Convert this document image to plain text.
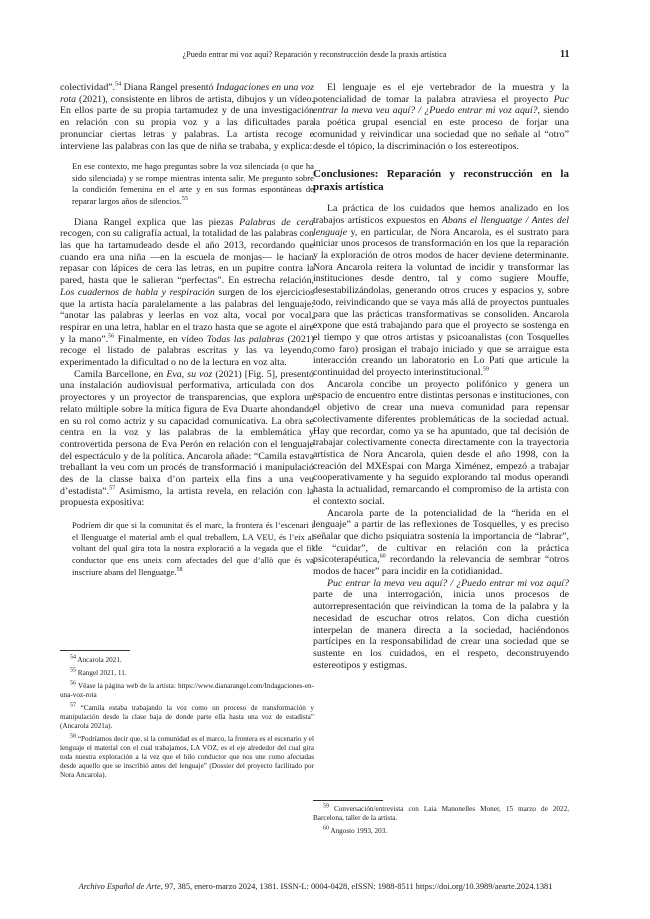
¿Puedo entrar mi voz aquí? Reparación y reconstrucción desde la praxis artística	11

colectividad”.$^{54}$ Diana Rangel presentó Indagaciones en una voz rota (2021), consistente en libros de artista, dibujos y un vídeo. En ellos parte de su propia tartamudez y de una investigación en relación con su propia voz y a las dificultades para pronunciar ciertas letras y palabras. La artista recoge e interviene las palabras con las que de niña se trababa, y explica:

En ese contexto, me hago preguntas sobre la voz silenciada (o que ha sido silenciada) y se rompe mientras intenta salir. Me pregunto sobre la condición femenina en el arte y en sus formas espontáneas de reparar largos años de silencios.$^{55}$

Diana Rangel explica que las piezas Palabras de cera recogen, con su caligrafía actual, la totalidad de las palabras con las que ha tartamudeado desde el año 2013, recordando que cuando era una niña —en la escuela de monjas— le hacían repasar con lápices de cera las letras, en un pupitre contra la pared, hasta que le salieran “perfectas”. En estrecha relación, Los cuadernos de habla y respiración surgen de los ejercicios que la artista hacía paralelamente a las palabras del lenguaje: “anotar las palabras y leerlas en voz alta, vocal por vocal, respirar en una letra, hablar en el trazo hasta que se agote el aire y la mano”.$^{56}$ Finalmente, en vídeo Todas las palabras (2021) recoge el listado de palabras escritas y las va leyendo, experimentado la dificultad o no de la lectura en voz alta.

Camila Barcellone, en Eva, su voz (2021) [Fig. 5], presentó una instalación audiovisual performativa, articulada con dos proyectores y un proyector de transparencias, que explora un relato múltiple sobre la mítica figura de Eva Duarte ahondando en su rol como actriz y su capacidad comunicativa. La obra se centra en la voz y las palabras de la emblemática y controvertida persona de Eva Perón en relación con el lenguaje del espectáculo y de la política. Ancarola añade: “Camila estava treballant la veu com un procés de transformació i manipulació des de la classe baixa d’on parteix ella fins a una veu d’estadista”.$^{57}$ Asimismo, la artista revela, en relación con la propuesta expositiva:

Podríem dir que si la comunitat és el marc, la frontera és l’escenari i el llenguatge el material amb el qual treballem, LA VEU, és l’eix al voltant del qual gira tota la nostra exploració a la vegada que el fil conductor que ens uneix com afectades del que d’allò que és va inscriure abans del llenguatge.$^{58}$

El lenguaje es el eje vertebrador de la muestra y la potencialidad de tomar la palabra atraviesa el proyecto Puc entrar la meva veu aquí? / ¿Puedo entrar mi voz aquí?, siendo la poética grupal esencial en este proceso de forjar una comunidad y reivindicar una sociedad que no señale al “otro” desde el tópico, la discriminación o los estereotipos.

Conclusiones: Reparación y reconstrucción en la praxis artística

La práctica de los cuidados que hemos analizado en los trabajos artísticos expuestos en Abans el llenguatge / Antes del lenguaje y, en particular, de Nora Ancarola, es el sustrato para iniciar unos procesos de transformación en los que la reparación y la exploración de otros modos de hacer deviene determinante. Nora Ancarola reitera la voluntad de incidir y transformar las instituciones desde dentro, tal y como sugiere Mouffe, desestabilizándolas, generando otros cruces y espacios y, sobre todo, reivindicando que se vaya más allá de proyectos puntuales para que las prácticas transformativas se consoliden. Ancarola expone que está trabajando para que el proyecto se sostenga en el tiempo y que otros artistas y psicoanalistas (con Tosquelles como faro) prosigan el trabajo iniciado y que se arraigue esta interacción creando un laboratorio en Lo Pati que articule la continuidad del proyecto interinstitucional.$^{59}$

Ancarola concibe un proyecto polifónico y genera un espacio de encuentro entre distintas personas e instituciones, con el objetivo de crear una nueva comunidad para repensar colectivamente diferentes problemáticas de la sociedad actual. Hay que recordar, como ya se ha apuntado, que tal decisión de trabajar colectivamente conecta directamente con la trayectoria artística de Nora Ancarola, quien desde el año 1998, con la creación del MXEspai con Marga Ximénez, empezó a trabajar cooperativamente y ha seguido explorando tal modus operandi hasta la actualidad, remarcando el compromiso de la artista con el contexto social.

Ancarola parte de la potencialidad de la “herida en el lenguaje” a partir de las reflexiones de Tosquelles, y es preciso señalar que dicho psiquiatra sostenía la importancia de “labrar”, de “cuidar”, de cultivar en relación con la práctica psicoterapéutica,$^{60}$ recordando la relevancia de sembrar “otros modos de hacer” para incidir en la cotidianidad.

Puc entrar la meva veu aquí? / ¿Puedo entrar mi voz aquí? parte de una interrogación, inicia unos procesos de autorrepresentación que reivindican la toma de la palabra y la necesidad de escuchar otros relatos. Con dicha cuestión interpelan de manera directa a la sociedad, haciéndonos partícipes en la responsabilidad de crear una sociedad que se sustente en los cuidados, en el respeto, deconstruyendo estereotipos y estigmas.

$^{54}$ Ancarola 2021.

$^{55}$ Rangel 2021, 11.

$^{56}$ Véase la página web de la artista: https://www.dianarangel.com/Indagaciones-en-una-voz-rota

$^{57}$ “Camila estaba trabajando la voz como un proceso de transformación y manipulación desde la clase baja de donde parte ella hasta una voz de estadista” (Ancarola 2021a).

$^{58}$ “Podríamos decir que, si la comunidad es el marco, la frontera es el escenario y el lenguaje el material con el cual trabajamos, LA VOZ, es el eje alrededor del cual gira toda nuestra exploración a la vez que el hilo conductor que nos une como afectadas desde aquello que se inscribió antes del lenguaje” (Dossier del proyecto facilitado por Nora Ancarola).

$^{59}$ Conversación/entrevista con Laia Manonelles Moner, 15 marzo de 2022, Barcelona, taller de la artista.

$^{60}$ Angosto 1993, 203.

Archivo Español de Arte, 97, 385, enero-marzo 2024, 1381. ISSN-L: 0004-0428, eISSN: 1988-8511 https://doi.org/10.3989/aearte.2024.1381
